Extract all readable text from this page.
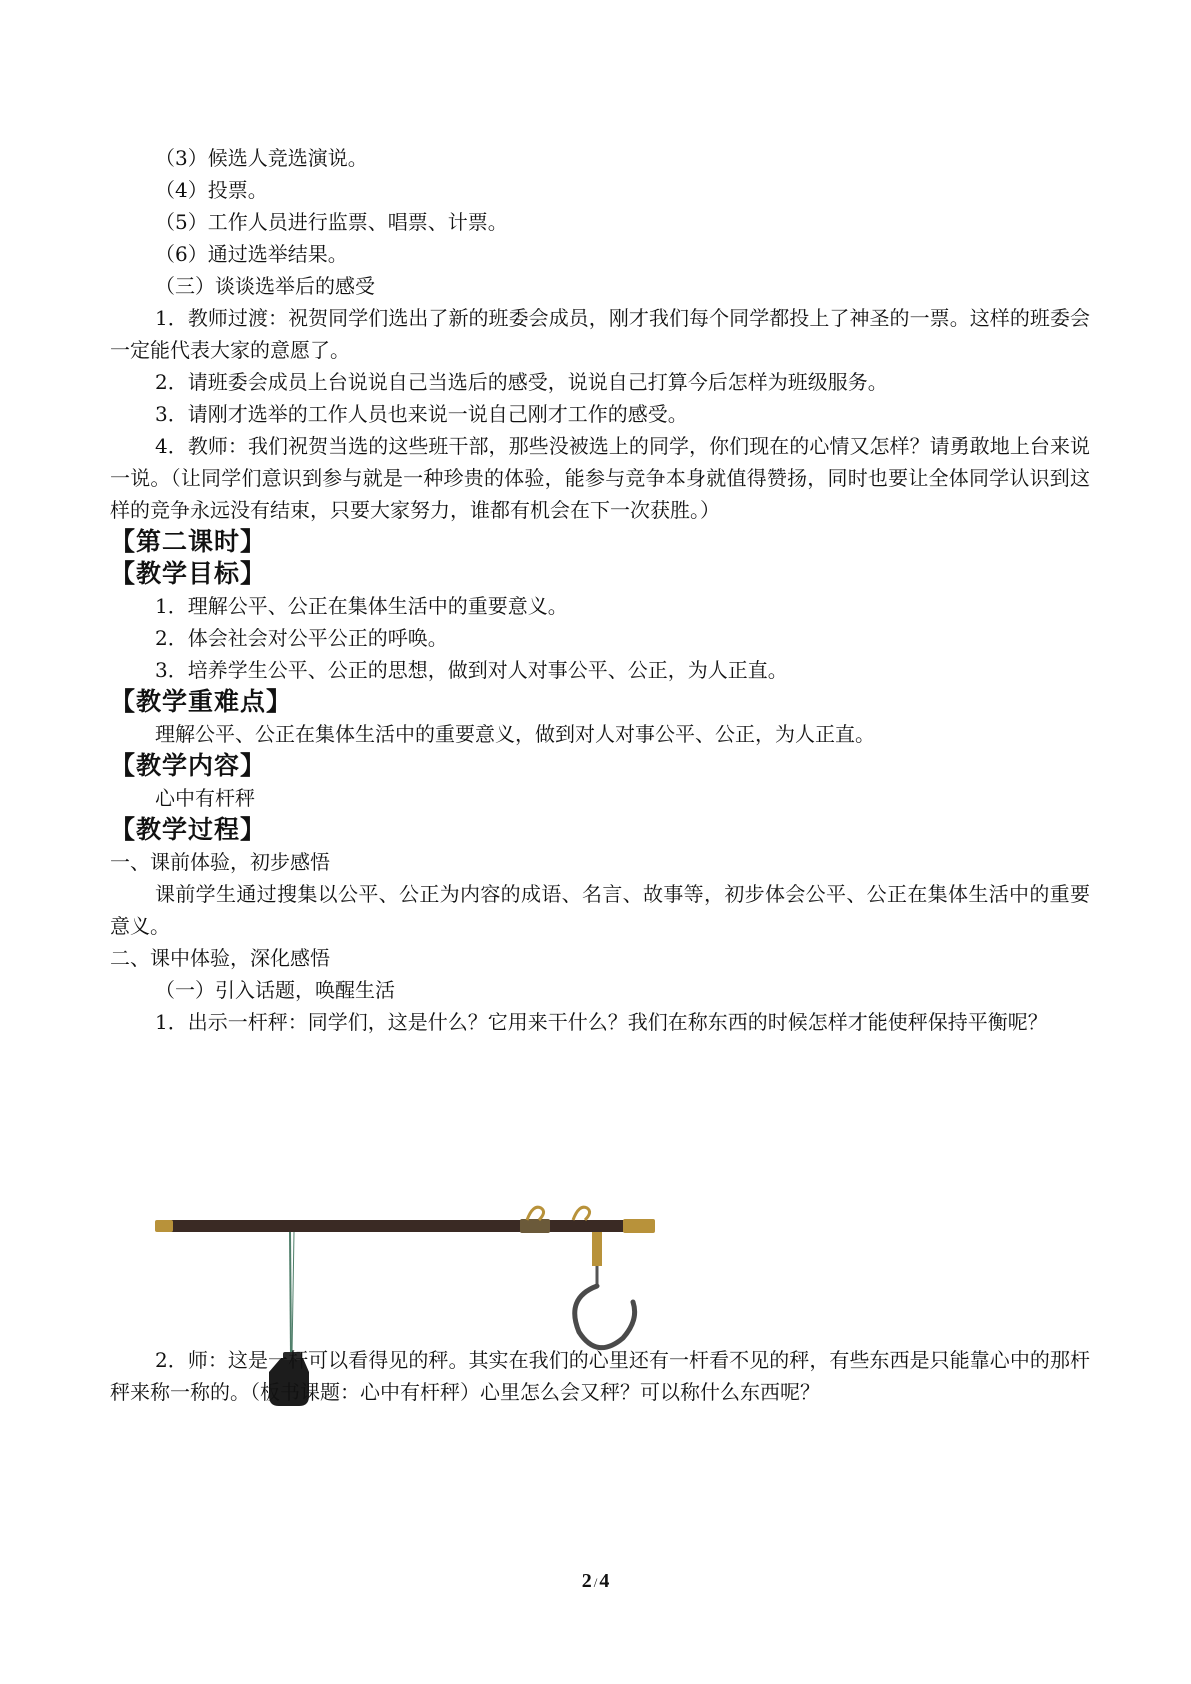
（3）候选人竞选演说。

（4）投票。

（5）工作人员进行监票、唱票、计票。

（6）通过选举结果。

（三）谈谈选举后的感受

1．教师过渡：祝贺同学们选出了新的班委会成员，刚才我们每个同学都投上了神圣的一票。这样的班委会一定能代表大家的意愿了。

2．请班委会成员上台说说自己当选后的感受，说说自己打算今后怎样为班级服务。

3．请刚才选举的工作人员也来说一说自己刚才工作的感受。

4．教师：我们祝贺当选的这些班干部，那些没被选上的同学，你们现在的心情又怎样？请勇敢地上台来说一说。（让同学们意识到参与就是一种珍贵的体验，能参与竞争本身就值得赞扬，同时也要让全体同学认识到这样的竞争永远没有结束，只要大家努力，谁都有机会在下一次获胜。）

【第二课时】

【教学目标】

1．理解公平、公正在集体生活中的重要意义。

2．体会社会对公平公正的呼唤。

3．培养学生公平、公正的思想，做到对人对事公平、公正，为人正直。

【教学重难点】

理解公平、公正在集体生活中的重要意义，做到对人对事公平、公正，为人正直。

【教学内容】

心中有杆秤

【教学过程】

一、课前体验，初步感悟

课前学生通过搜集以公平、公正为内容的成语、名言、故事等，初步体会公平、公正在集体生活中的重要意义。

二、课中体验，深化感悟

（一）引入话题，唤醒生活

1．出示一杆秤：同学们，这是什么？它用来干什么？我们在称东西的时候怎样才能使秤保持平衡呢？

2．师：这是一杆可以看得见的秤。其实在我们的心里还有一杆看不见的秤，有些东西是只能靠心中的那杆秤来称一称的。（板书课题：心中有杆秤）心里怎么会又秤？可以称什么东西呢？

2 / 4
